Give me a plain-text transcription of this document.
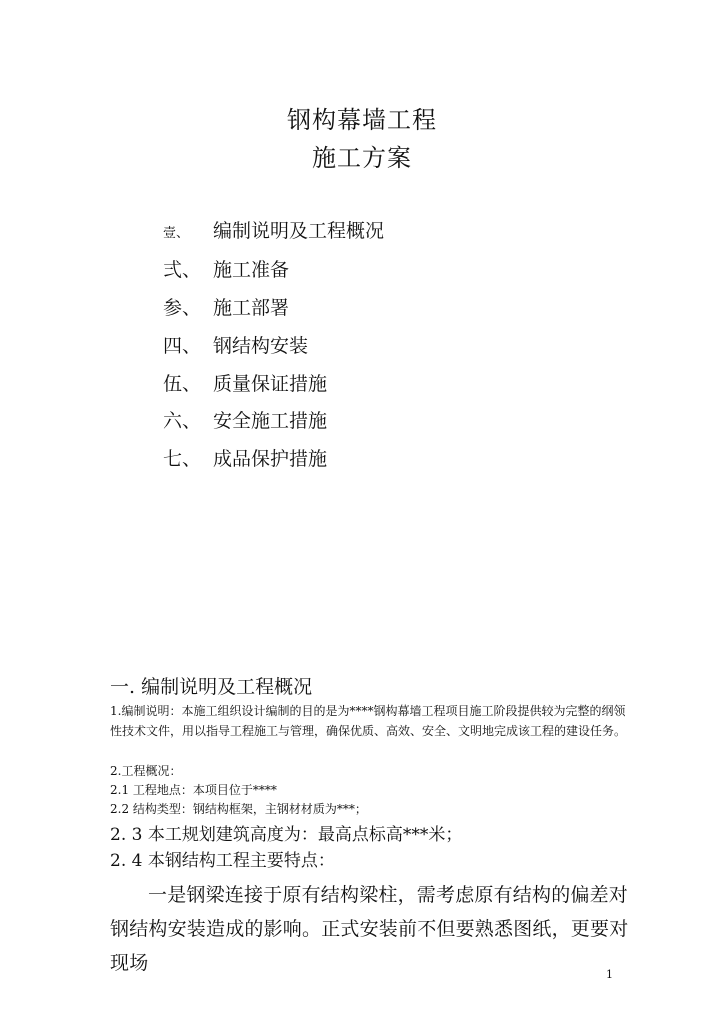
钢构幕墙工程
施工方案
壹、 编制说明及工程概况
弍、 施工准备
参、 施工部署
四、 钢结构安装
伍、 质量保证措施
六、 安全施工措施
七、 成品保护措施
一. 编制说明及工程概况
1.编制说明：本施工组织设计编制的目的是为****钢构幕墙工程项目施工阶段提供较为完整的纲领性技术文件，用以指导工程施工与管理，确保优质、高效、安全、文明地完成该工程的建设任务。
2.工程概况：
2.1 工程地点：本项目位于****
2.2 结构类型：钢结构框架，主钢材材质为***；
2. 3 本工规划建筑高度为：最高点标高***米；
2. 4 本钢结构工程主要特点：
一是钢梁连接于原有结构梁柱，需考虑原有结构的偏差对钢结构安装造成的影响。正式安装前不但要熟悉图纸，更要对现场
1
